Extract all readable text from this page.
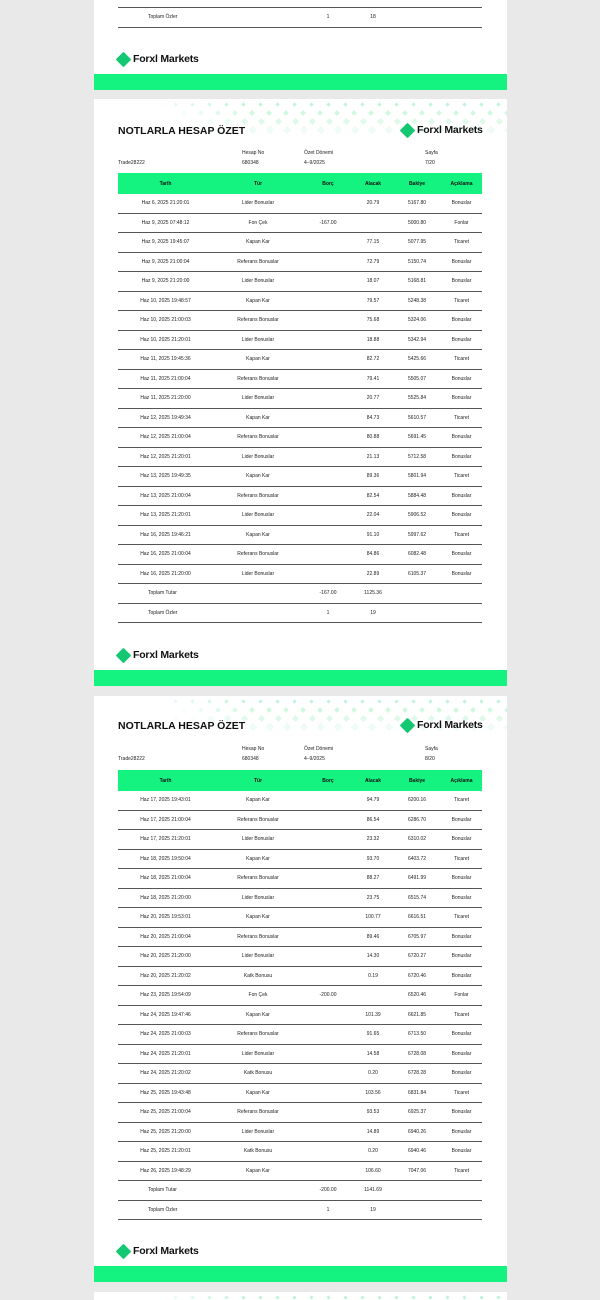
Toplam Özler		1	18		
Forxl Markets
NOTLARLA HESAP ÖZET	Forxl Markets
Hesap No	Özet Dönemi	Sayfa
Trade28222	680348	4–9/2025	7/20
Tarih	Tür	Borç	Alacak	Bakiye	Açıklama
Haz 6, 2025 21:20:01	Lider Bonuslar		20.79	5167.80	Bonuslar
Haz 9, 2025 07:48:12	Fon Çek	-167.00		5000.80	Fonlar
Haz 9, 2025 19:45:07	Kapan Kar		77.15	5077.95	Ticaret
Haz 9, 2025 21:00:04	Referans Bonuslar		72.79	5150.74	Bonuslar
Haz 9, 2025 21:20:00	Lider Bonuslar		18.07	5168.81	Bonuslar
Haz 10, 2025 19:48:57	Kapan Kar		79.57	5248.38	Ticaret
Haz 10, 2025 21:00:03	Referans Bonuslar		75.68	5324.06	Bonuslar
Haz 10, 2025 21:20:01	Lider Bonuslar		18.88	5342.94	Bonuslar
Haz 11, 2025 19:45:36	Kapan Kar		82.72	5425.66	Ticaret
Haz 11, 2025 21:00:04	Referans Bonuslar		79.41	5505.07	Bonuslar
Haz 11, 2025 21:20:00	Lider Bonuslar		20.77	5525.84	Bonuslar
Haz 12, 2025 19:49:34	Kapan Kar		84.73	5610.57	Ticaret
Haz 12, 2025 21:00:04	Referans Bonuslar		80.88	5691.45	Bonuslar
Haz 12, 2025 21:20:01	Lider Bonuslar		21.13	5712.58	Bonuslar
Haz 13, 2025 19:49:35	Kapan Kar		89.36	5801.94	Ticaret
Haz 13, 2025 21:00:04	Referans Bonuslar		82.54	5884.48	Bonuslar
Haz 13, 2025 21:20:01	Lider Bonuslar		22.04	5906.52	Bonuslar
Haz 16, 2025 19:46:21	Kapan Kar		91.10	5997.62	Ticaret
Haz 16, 2025 21:00:04	Referans Bonuslar		84.86	6082.48	Bonuslar
Haz 16, 2025 21:20:00	Lider Bonuslar		22.89	6105.37	Bonuslar
Toplam Tutar		-167.00	1125.36		
Toplam Özler		1	19		
Forxl Markets
NOTLARLA HESAP ÖZET	Forxl Markets
Hesap No	Özet Dönemi	Sayfa
Trade28222	680348	4–9/2025	8/20
Tarih	Tür	Borç	Alacak	Bakiye	Açıklama
Haz 17, 2025 19:43:01	Kapan Kar		94.79	6200.16	Ticaret
Haz 17, 2025 21:00:04	Referans Bonuslar		86.54	6286.70	Bonuslar
Haz 17, 2025 21:20:01	Lider Bonuslar		23.32	6310.02	Bonuslar
Haz 18, 2025 19:50:04	Kapan Kar		93.70	6403.72	Ticaret
Haz 18, 2025 21:00:04	Referans Bonuslar		88.27	6491.99	Bonuslar
Haz 18, 2025 21:20:00	Lider Bonuslar		23.75	6515.74	Bonuslar
Haz 20, 2025 19:53:01	Kapan Kar		100.77	6616.51	Ticaret
Haz 20, 2025 21:00:04	Referans Bonuslar		89.46	6705.97	Bonuslar
Haz 20, 2025 21:20:00	Lider Bonuslar		14.30	6720.27	Bonuslar
Haz 20, 2025 21:20:02	Katk Bonusu		0.19	6720.46	Bonuslar
Haz 23, 2025 19:54:09	Fon Çek	-200.00		6520.46	Fonlar
Haz 24, 2025 19:47:46	Kapan Kar		101.39	6621.85	Ticaret
Haz 24, 2025 21:00:03	Referans Bonuslar		91.65	6713.50	Bonuslar
Haz 24, 2025 21:20:01	Lider Bonuslar		14.58	6728.08	Bonuslar
Haz 24, 2025 21:20:02	Katk Bonusu		0.20	6728.28	Bonuslar
Haz 25, 2025 19:43:48	Kapan Kar		103.56	6831.84	Ticaret
Haz 25, 2025 21:00:04	Referans Bonuslar		93.53	6925.37	Bonuslar
Haz 25, 2025 21:20:00	Lider Bonuslar		14.89	6940.26	Bonuslar
Haz 25, 2025 21:20:01	Katk Bonusu		0.20	6940.46	Bonuslar
Haz 26, 2025 19:48:29	Kapan Kar		106.60	7047.06	Ticaret
Toplam Tutar		-200.00	1141.69		
Toplam Özler		1	19		
Forxl Markets
